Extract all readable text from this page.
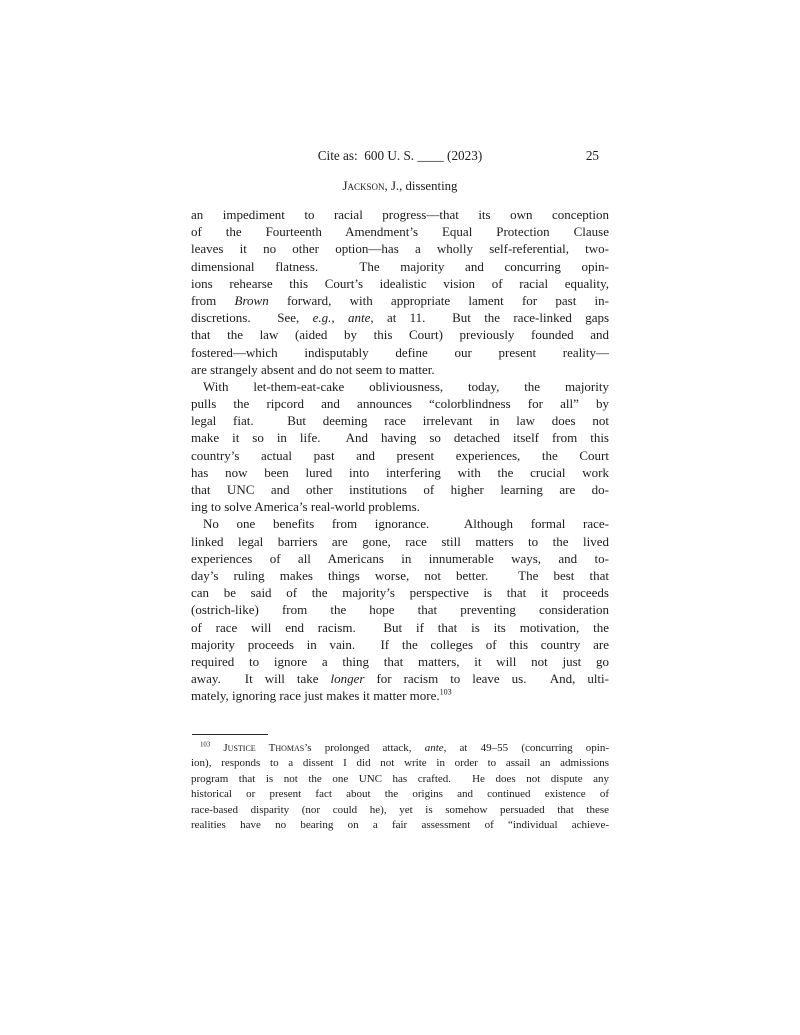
Cite as:  600 U. S. ____ (2023)	25
Jackson, J., dissenting
an impediment to racial progress—that its own conception
of the Fourteenth Amendment’s Equal Protection Clause
leaves it no other option—has a wholly self-referential, two-
dimensional flatness.  The majority and concurring opin-
ions rehearse this Court’s idealistic vision of racial equality,
from Brown forward, with appropriate lament for past in-
discretions.  See, e.g., ante, at 11.  But the race-linked gaps
that the law (aided by this Court) previously founded and
fostered—which indisputably define our present reality—
are strangely absent and do not seem to matter.
With let-them-eat-cake obliviousness, today, the majority
pulls the ripcord and announces “colorblindness for all” by
legal fiat.  But deeming race irrelevant in law does not
make it so in life.  And having so detached itself from this
country’s actual past and present experiences, the Court
has now been lured into interfering with the crucial work
that UNC and other institutions of higher learning are do-
ing to solve America’s real-world problems.
No one benefits from ignorance.  Although formal race-
linked legal barriers are gone, race still matters to the lived
experiences of all Americans in innumerable ways, and to-
day’s ruling makes things worse, not better.  The best that
can be said of the majority’s perspective is that it proceeds
(ostrich-like) from the hope that preventing consideration
of race will end racism.  But if that is its motivation, the
majority proceeds in vain.  If the colleges of this country are
required to ignore a thing that matters, it will not just go
away.  It will take longer for racism to leave us.  And, ulti-
mately, ignoring race just makes it matter more.$^{103}$
$^{103}$ Justice Thomas’s prolonged attack, ante, at 49–55 (concurring opin-
ion), responds to a dissent I did not write in order to assail an admissions
program that is not the one UNC has crafted.  He does not dispute any
historical or present fact about the origins and continued existence of
race-based disparity (nor could he), yet is somehow persuaded that these
realities have no bearing on a fair assessment of “individual achieve-
